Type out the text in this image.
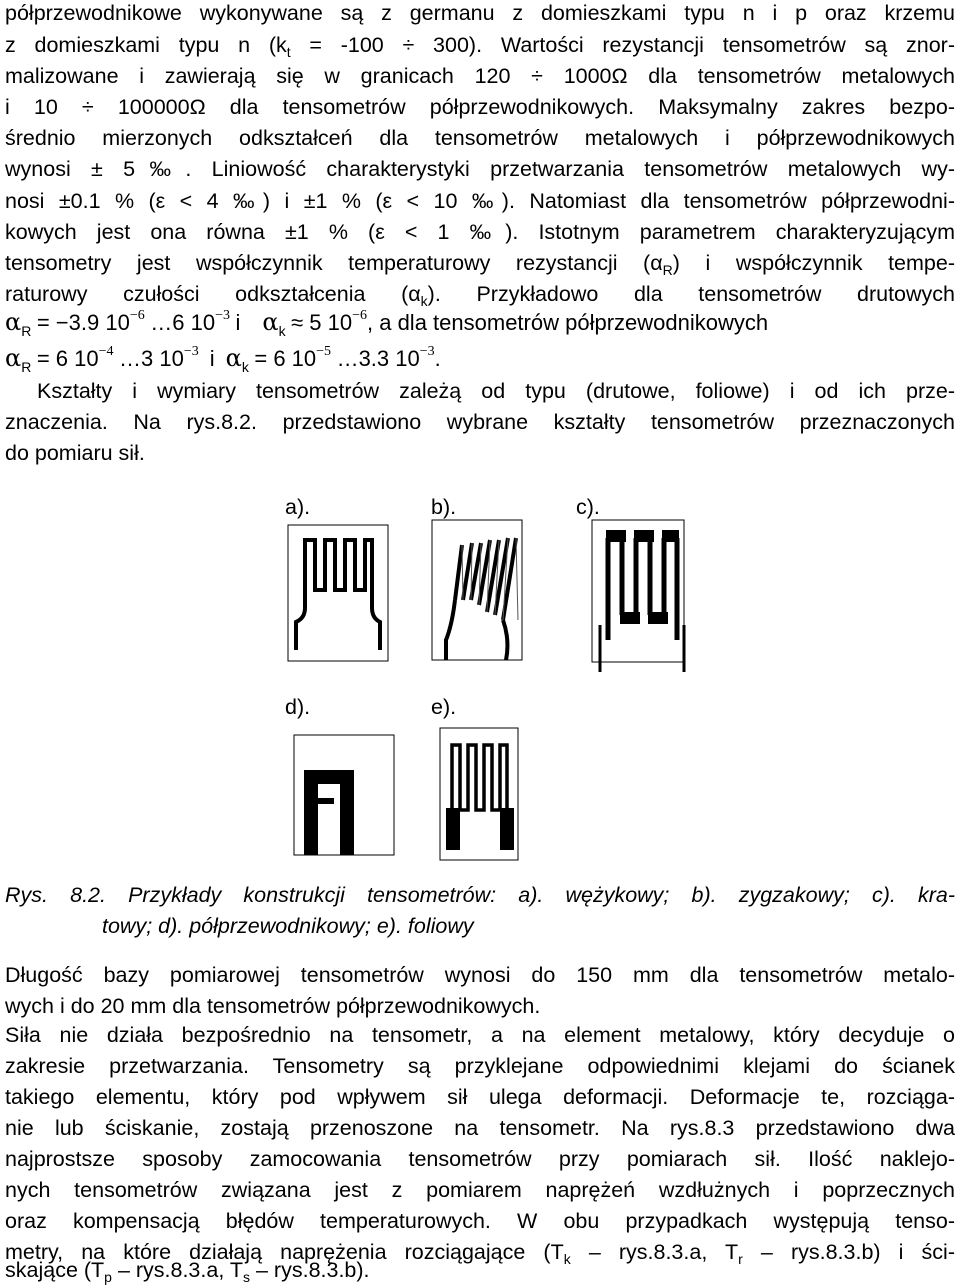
półprzewodnikowe wykonywane są z germanu z domieszkami typu n i p oraz krzemu
z domieszkami typu n $(k_t = -100 \div 300)$. Wartości rezystancji tensometrów są znor-
malizowane i zawierają się w granicach 120 ÷ 1000Ω dla tensometrów metalowych
i 10 ÷ 100000Ω dla tensometrów półprzewodnikowych. Maksymalny zakres bezpo-
średnio mierzonych odkształceń dla tensometrów metalowych i półprzewodnikowych
wynosi ± 5‰. Liniowość charakterystyki przetwarzania tensometrów metalowych wy-
nosi ±0.1 % (ε < 4 ‰) i ±1 % (ε < 10 ‰). Natomiast dla tensometrów półprzewodni-
kowych jest ona równa ±1 % (ε < 1 ‰). Istotnym parametrem charakteryzującym
tensometry jest współczynnik temperaturowy rezystancji $(\alpha_R)$ i współczynnik tempe-
raturowy czułości odkształcenia $(\alpha_k)$. Przykładowo dla tensometrów drutowych
$\alpha_R = -3.9$ $10^{-6}$ …6 $10^{-3}$ i $\alpha_k \approx 5$ $10^{-6}$, a dla tensometrów półprzewodnikowych
$\alpha_R = 6$ $10^{-4}$ …3 $10^{-3}$ i $\alpha_k = 6$ $10^{-5}$ …3.3 $10^{-3}$.
Kształty i wymiary tensometrów zależą od typu (drutowe, foliowe) i od ich prze-
znaczenia. Na rys.8.2. przedstawiono wybrane kształty tensometrów przeznaczonych
do pomiaru sił.
a).	b).	c).
d).	e).
Rys. 8.2. Przykłady konstrukcji tensometrów: a). wężykowy; b). zygzakowy; c). kra-
towy; d). półprzewodnikowy; e). foliowy
Długość bazy pomiarowej tensometrów wynosi do 150 mm dla tensometrów metalo-
wych i do 20 mm dla tensometrów półprzewodnikowych.
Siła nie działa bezpośrednio na tensometr, a na element metalowy, który decyduje o
zakresie przetwarzania. Tensometry są przyklejane odpowiednimi klejami do ścianek
takiego elementu, który pod wpływem sił ulega deformacji. Deformacje te, rozciąga-
nie lub ściskanie, zostają przenoszone na tensometr. Na rys.8.3 przedstawiono dwa
najprostsze sposoby zamocowania tensometrów przy pomiarach sił. Ilość naklejo-
nych tensometrów związana jest z pomiarem naprężeń wzdłużnych i poprzecznych
oraz kompensacją błędów temperaturowych. W obu przypadkach występują tenso-
metry, na które działają naprężenia rozciągające ($T_k - rys.8.3.a$, $T_r - rys.8.3.b$) i ści-
skające ($T_p - rys.8.3.a$, $T_s - rys.8.3.b$).
